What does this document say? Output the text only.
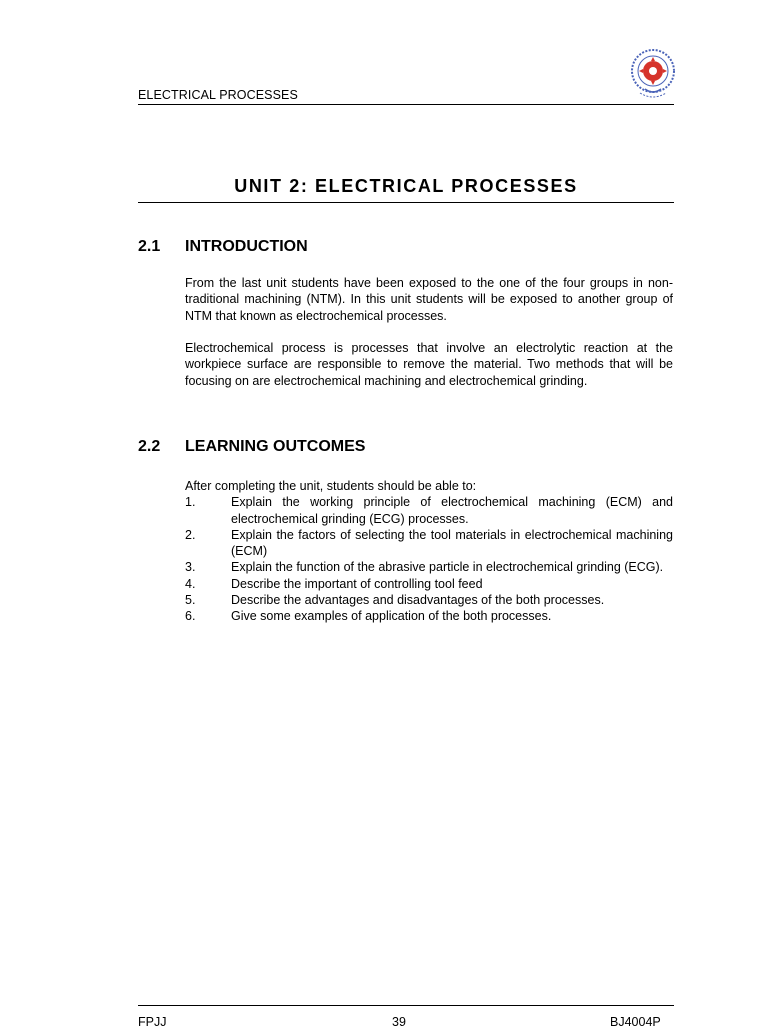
ELECTRICAL PROCESSES
UNIT 2: ELECTRICAL PROCESSES
2.1 INTRODUCTION
From the last unit students have been exposed to the one of the four groups in non-traditional machining (NTM). In this unit students will be exposed to another group of NTM that known as electrochemical processes.
Electrochemical process is processes that involve an electrolytic reaction at the workpiece surface are responsible to remove the material. Two methods that will be focusing on are electrochemical machining and electrochemical grinding.
2.2 LEARNING OUTCOMES

After completing the unit, students should be able to:

1.	Explain the working principle of electrochemical machining (ECM) and electrochemical grinding (ECG) processes.
2.	Explain the factors of selecting the tool materials in electrochemical machining (ECM)
3.	Explain the function of the abrasive particle in electrochemical grinding (ECG).
4.	Describe the important of controlling tool feed
5.	Describe the advantages and disadvantages of the both processes.
6.	Give some examples of application of the both processes.
FPJJ	39	BJ4004P
